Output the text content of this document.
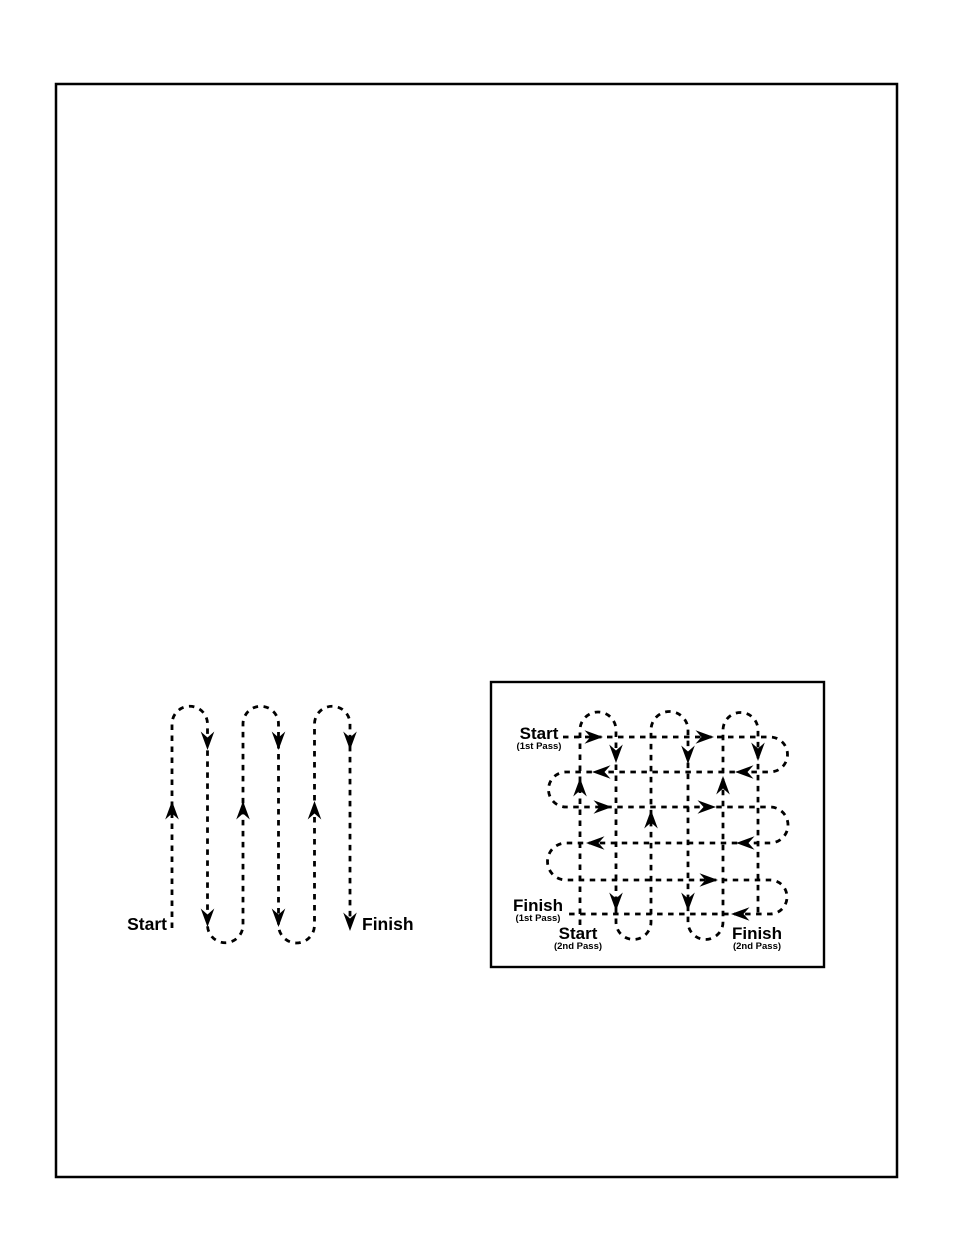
Start	Finish
Start
(1st Pass)
Finish
(1st Pass)
Start
(2nd Pass)
Finish
(2nd Pass)
